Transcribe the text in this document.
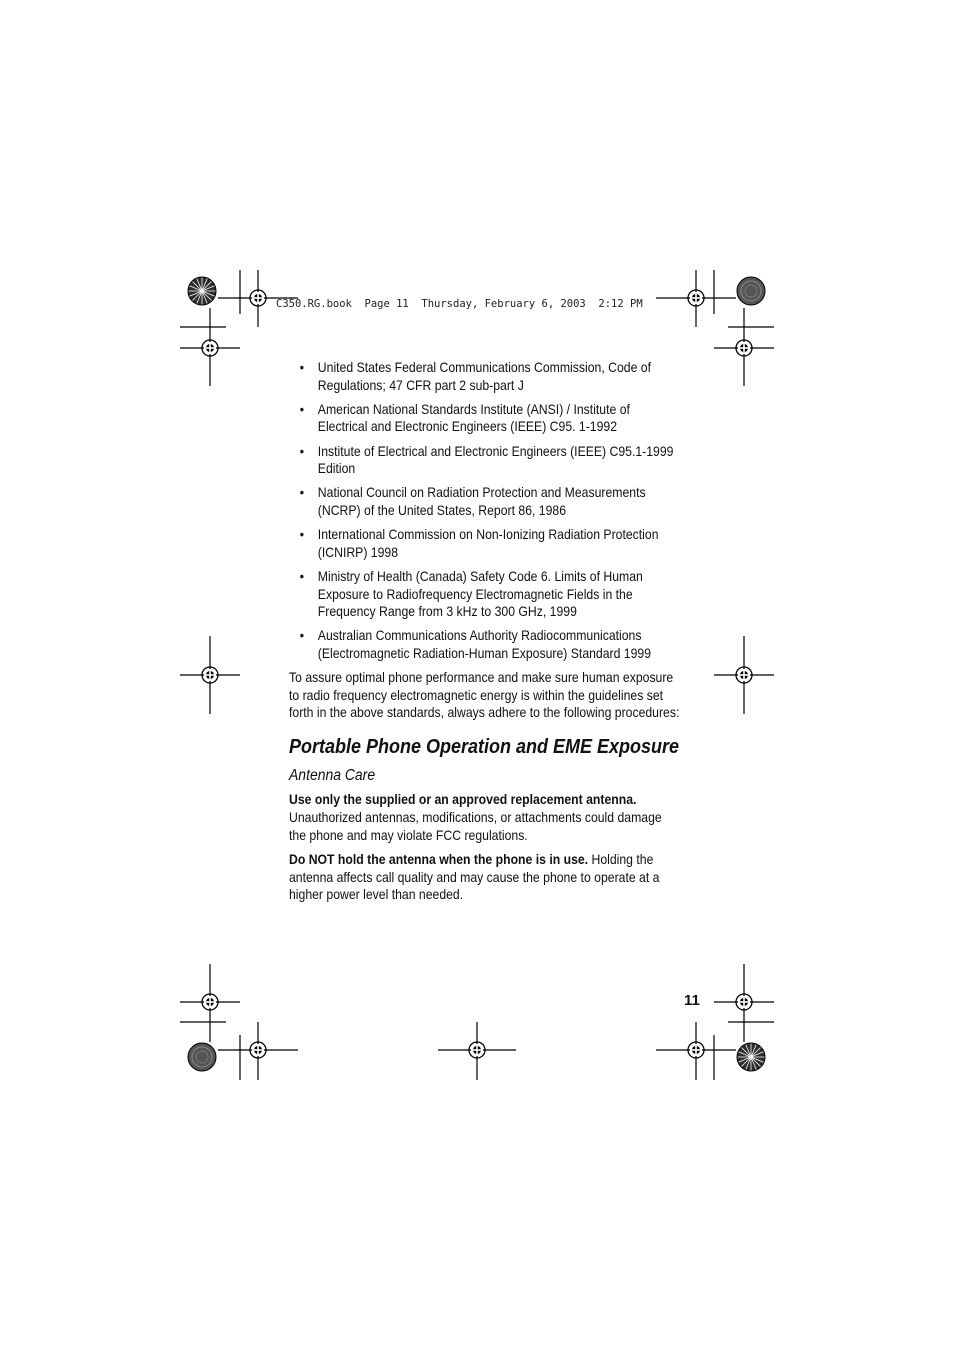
C350.RG.book  Page 11  Thursday, February 6, 2003  2:12 PM
• United States Federal Communications Commission, Code of Regulations; 47 CFR part 2 sub-part J
• American National Standards Institute (ANSI) / Institute of Electrical and Electronic Engineers (IEEE) C95. 1-1992
• Institute of Electrical and Electronic Engineers (IEEE) C95.1-1999 Edition
• National Council on Radiation Protection and Measurements (NCRP) of the United States, Report 86, 1986
• International Commission on Non-Ionizing Radiation Protection (ICNIRP) 1998
• Ministry of Health (Canada) Safety Code 6. Limits of Human Exposure to Radiofrequency Electromagnetic Fields in the Frequency Range from 3 kHz to 300 GHz, 1999
• Australian Communications Authority Radiocommunications (Electromagnetic Radiation-Human Exposure) Standard 1999

To assure optimal phone performance and make sure human exposure to radio frequency electromagnetic energy is within the guidelines set forth in the above standards, always adhere to the following procedures:

Portable Phone Operation and EME Exposure
Antenna Care

Use only the supplied or an approved replacement antenna. Unauthorized antennas, modifications, or attachments could damage the phone and may violate FCC regulations.

Do NOT hold the antenna when the phone is in use. Holding the antenna affects call quality and may cause the phone to operate at a higher power level than needed.

11
